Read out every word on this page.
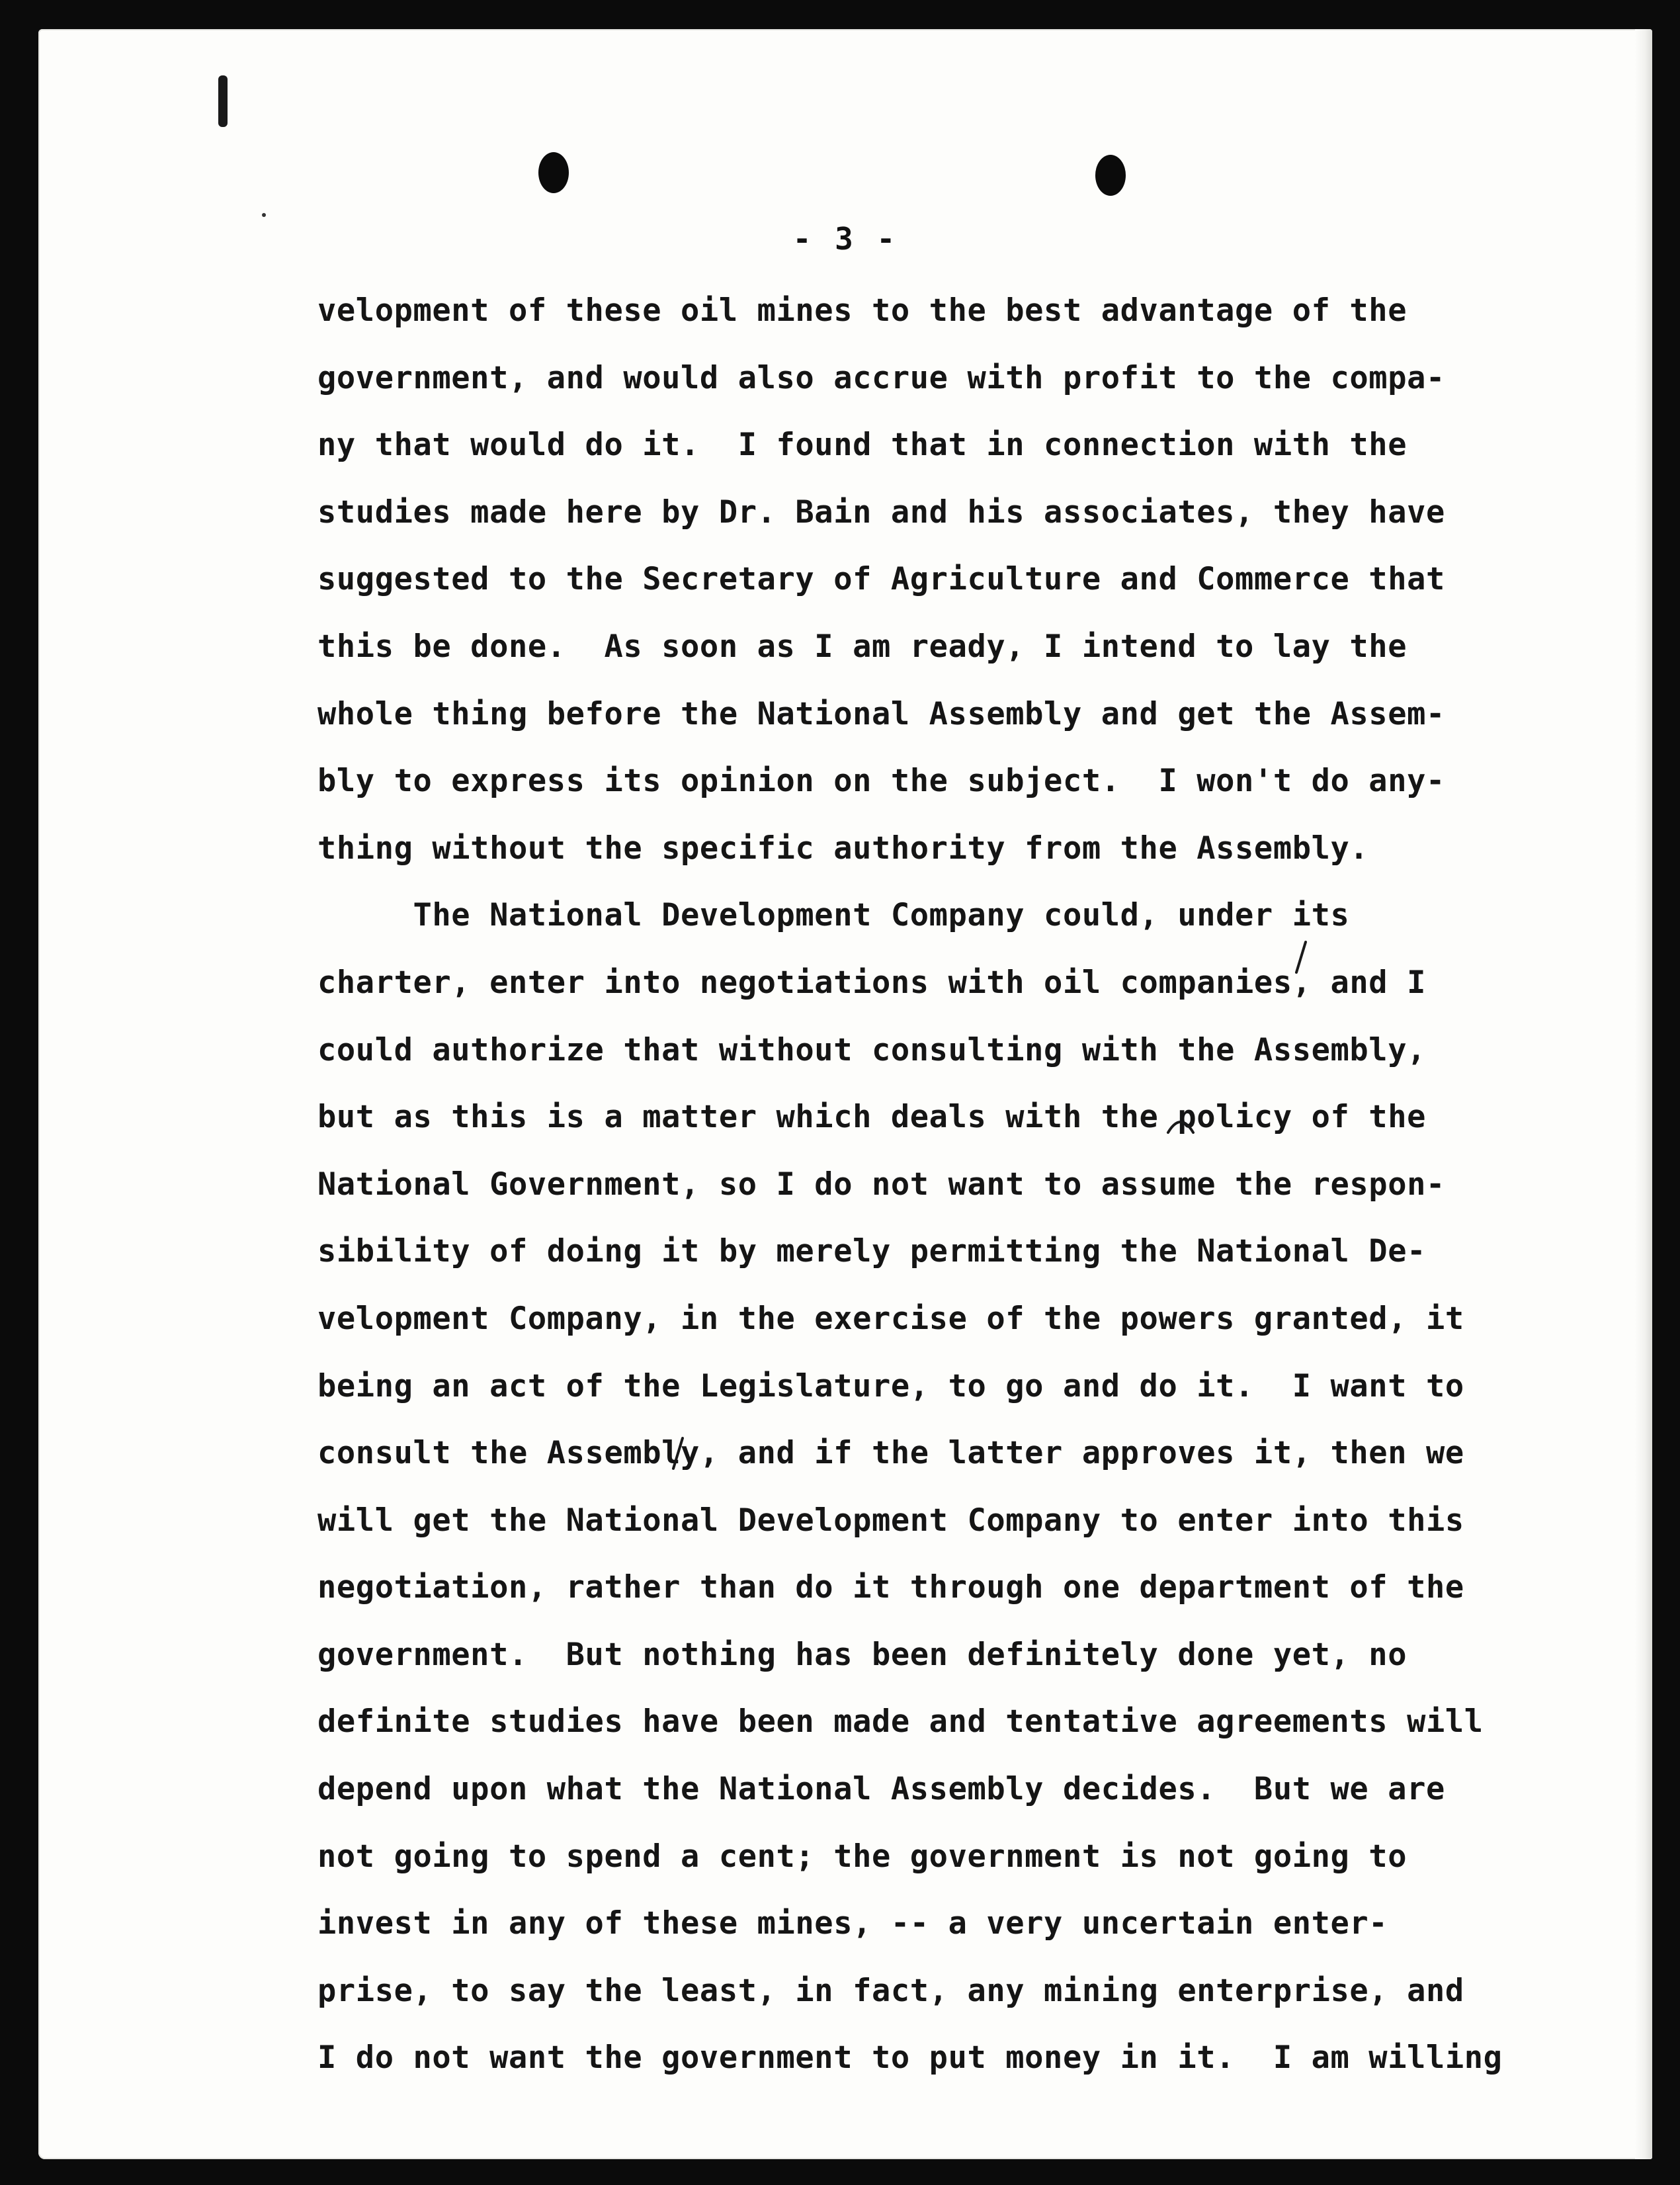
- 3 -
velopment of these oil mines to the best advantage of the
government, and would also accrue with profit to the compa-
ny that would do it.  I found that in connection with the
studies made here by Dr. Bain and his associates, they have
suggested to the Secretary of Agriculture and Commerce that
this be done.  As soon as I am ready, I intend to lay the
whole thing before the National Assembly and get the Assem-
bly to express its opinion on the subject.  I won't do any-
thing without the specific authority from the Assembly.
The National Development Company could, under its
charter, enter into negotiations with oil companies, and I
could authorize that without consulting with the Assembly,
but as this is a matter which deals with the policy of the
National Government, so I do not want to assume the respon-
sibility of doing it by merely permitting the National De-
velopment Company, in the exercise of the powers granted, it
being an act of the Legislature, to go and do it.  I want to
consult the Assembly, and if the latter approves it, then we
will get the National Development Company to enter into this
negotiation, rather than do it through one department of the
government.  But nothing has been definitely done yet, no
definite studies have been made and tentative agreements will
depend upon what the National Assembly decides.  But we are
not going to spend a cent; the government is not going to
invest in any of these mines, -- a very uncertain enter-
prise, to say the least, in fact, any mining enterprise, and
I do not want the government to put money in it.  I am willing
